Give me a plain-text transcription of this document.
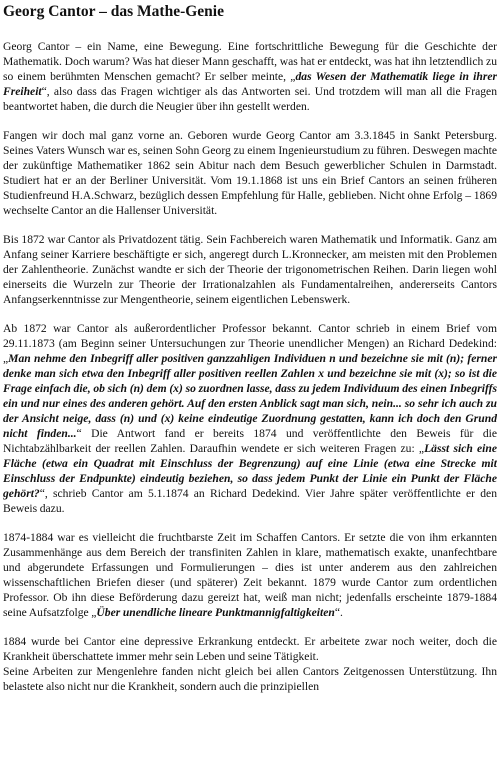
Georg Cantor – das Mathe-Genie

Georg Cantor – ein Name, eine Bewegung. Eine fortschrittliche Bewegung für die Geschichte der Mathematik. Doch warum? Was hat dieser Mann geschafft, was hat er entdeckt, was hat ihn letztendlich zu so einem berühmten Menschen gemacht? Er selber meinte, „das Wesen der Mathematik liege in ihrer Freiheit“, also dass das Fragen wichtiger als das Antworten sei. Und trotzdem will man all die Fragen beantwortet haben, die durch die Neugier über ihn gestellt werden.

Fangen wir doch mal ganz vorne an. Geboren wurde Georg Cantor am 3.3.1845 in Sankt Petersburg. Seines Vaters Wunsch war es, seinen Sohn Georg zu einem Ingenieurstudium zu führen. Deswegen machte der zukünftige Mathematiker 1862 sein Abitur nach dem Besuch gewerblicher Schulen in Darmstadt. Studiert hat er an der Berliner Universität. Vom 19.1.1868 ist uns ein Brief Cantors an seinen früheren Studienfreund H.A.Schwarz, bezüglich dessen Empfehlung für Halle, geblieben. Nicht ohne Erfolg – 1869 wechselte Cantor an die Hallenser Universität.

Bis 1872 war Cantor als Privatdozent tätig. Sein Fachbereich waren Mathematik und Informatik. Ganz am Anfang seiner Karriere beschäftigte er sich, angeregt durch L.Kronnecker, am meisten mit den Problemen der Zahlentheorie. Zunächst wandte er sich der Theorie der trigonometrischen Reihen. Darin liegen wohl einerseits die Wurzeln zur Theorie der Irrationalzahlen als Fundamentalreihen, andererseits Cantors Anfangserkenntnisse zur Mengentheorie, seinem eigentlichen Lebenswerk.

Ab 1872 war Cantor als außerordentlicher Professor bekannt. Cantor schrieb in einem Brief vom 29.11.1873 (am Beginn seiner Untersuchungen zur Theorie unendlicher Mengen) an Richard Dedekind: „Man nehme den Inbegriff aller positiven ganzzahligen Individuen n und bezeichne sie mit (n); ferner denke man sich etwa den Inbegriff aller positiven reellen Zahlen x und bezeichne sie mit (x); so ist die Frage einfach die, ob sich (n) dem (x) so zuordnen lasse, dass zu jedem Individuum des einen Inbegriffs ein und nur eines des anderen gehört. Auf den ersten Anblick sagt man sich, nein... so sehr ich auch zu der Ansicht neige, dass (n) und (x) keine eindeutige Zuordnung gestatten, kann ich doch den Grund nicht finden...“ Die Antwort fand er bereits 1874 und veröffentlichte den Beweis für die Nichtabzählbarkeit der reellen Zahlen. Daraufhin wendete er sich weiteren Fragen zu: „Lässt sich eine Fläche (etwa ein Quadrat mit Einschluss der Begrenzung) auf eine Linie (etwa eine Strecke mit Einschluss der Endpunkte) eindeutig beziehen, so dass jedem Punkt der Linie ein Punkt der Fläche gehört?“, schrieb Cantor am 5.1.1874 an Richard Dedekind. Vier Jahre später veröffentlichte er den Beweis dazu.

1874-1884 war es vielleicht die fruchtbarste Zeit im Schaffen Cantors. Er setzte die von ihm erkannten Zusammenhänge aus dem Bereich der transfiniten Zahlen in klare, mathematisch exakte, unanfechtbare und abgerundete Erfassungen und Formulierungen – dies ist unter anderem aus den zahlreichen wissenschaftlichen Briefen dieser (und späterer) Zeit bekannt. 1879 wurde Cantor zum ordentlichen Professor. Ob ihn diese Beförderung dazu gereizt hat, weiß man nicht; jedenfalls erscheinte 1879-1884 seine Aufsatzfolge „Über unendliche lineare Punktmannigfaltigkeiten“.

1884 wurde bei Cantor eine depressive Erkrankung entdeckt. Er arbeitete zwar noch weiter, doch die Krankheit überschattete immer mehr sein Leben und seine Tätigkeit.

Seine Arbeiten zur Mengenlehre fanden nicht gleich bei allen Cantors Zeitgenossen Unterstützung. Ihn belastete also nicht nur die Krankheit, sondern auch die prinzipiellen
